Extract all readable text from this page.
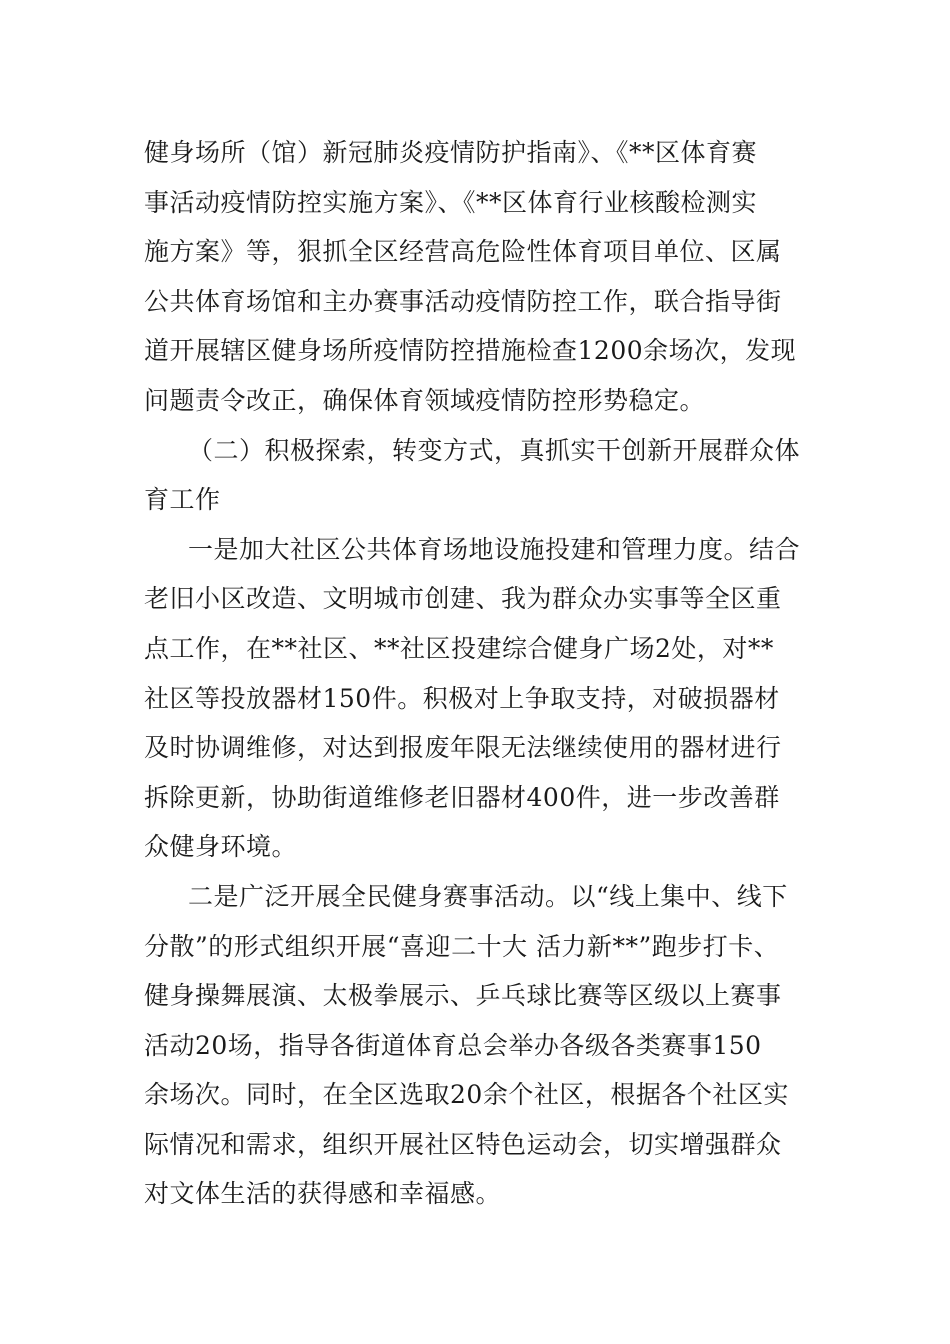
健身场所（馆）新冠肺炎疫情防护指南》、《**区体育赛
事活动疫情防控实施方案》、《**区体育行业核酸检测实
施方案》等，狠抓全区经营高危险性体育项目单位、区属
公共体育场馆和主办赛事活动疫情防控工作，联合指导街
道开展辖区健身场所疫情防控措施检查1200余场次，发现
问题责令改正，确保体育领域疫情防控形势稳定。
（二）积极探索，转变方式，真抓实干创新开展群众体
育工作
一是加大社区公共体育场地设施投建和管理力度。结合
老旧小区改造、文明城市创建、我为群众办实事等全区重
点工作，在**社区、**社区投建综合健身广场2处，对**
社区等投放器材150件。积极对上争取支持，对破损器材
及时协调维修，对达到报废年限无法继续使用的器材进行
拆除更新，协助街道维修老旧器材400件，进一步改善群
众健身环境。
二是广泛开展全民健身赛事活动。以“线上集中、线下
分散”的形式组织开展“喜迎二十大 活力新**”跑步打卡、
健身操舞展演、太极拳展示、乒乓球比赛等区级以上赛事
活动20场，指导各街道体育总会举办各级各类赛事150
余场次。同时，在全区选取20余个社区，根据各个社区实
际情况和需求，组织开展社区特色运动会，切实增强群众
对文体生活的获得感和幸福感。
